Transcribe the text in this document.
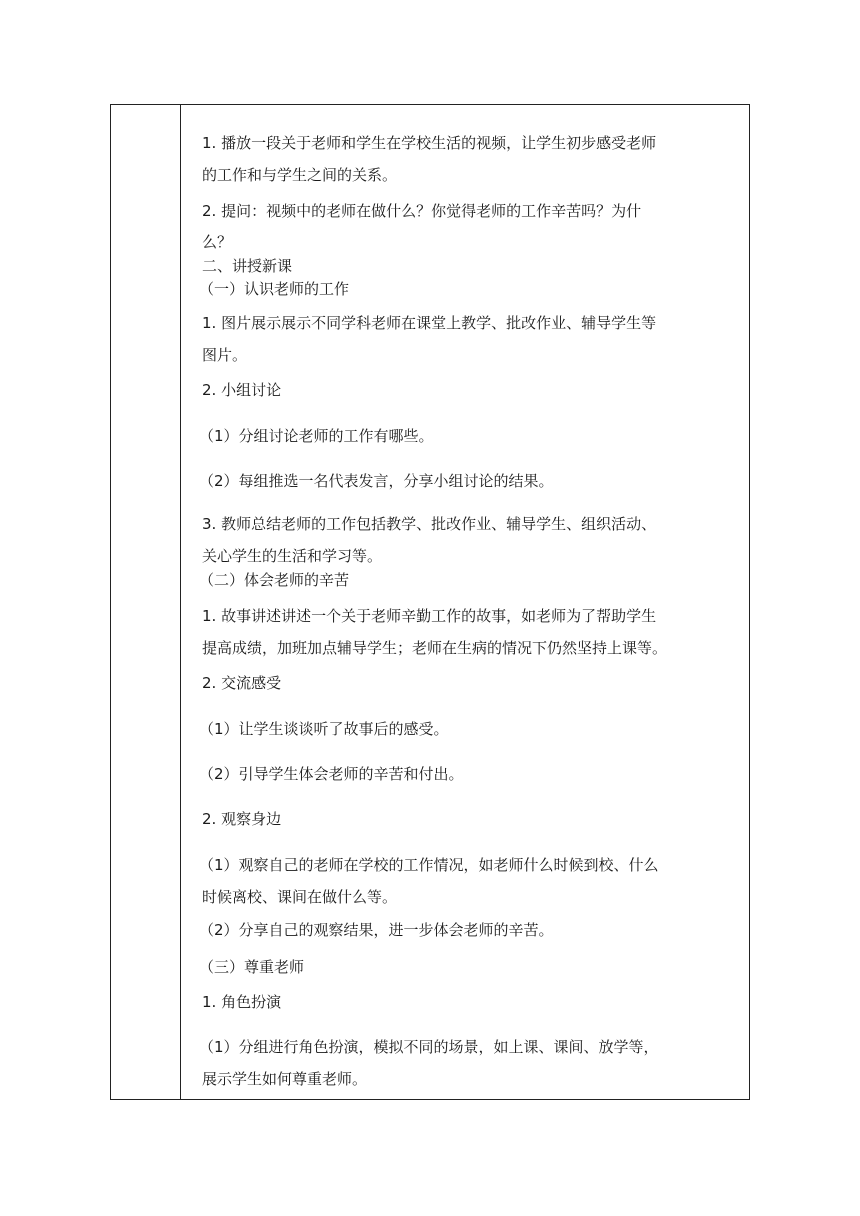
1. 播放一段关于老师和学生在学校生活的视频，让学生初步感受老师
的工作和与学生之间的关系。
2. 提问：视频中的老师在做什么？你觉得老师的工作辛苦吗？为什
么？
二、讲授新课
（一）认识老师的工作
1. 图片展示展示不同学科老师在课堂上教学、批改作业、辅导学生等
图片。
2. 小组讨论
（1）分组讨论老师的工作有哪些。
（2）每组推选一名代表发言，分享小组讨论的结果。
3. 教师总结老师的工作包括教学、批改作业、辅导学生、组织活动、
关心学生的生活和学习等。
（二）体会老师的辛苦
1. 故事讲述讲述一个关于老师辛勤工作的故事，如老师为了帮助学生
提高成绩，加班加点辅导学生；老师在生病的情况下仍然坚持上课等。
2. 交流感受
（1）让学生谈谈听了故事后的感受。
（2）引导学生体会老师的辛苦和付出。
2. 观察身边
（1）观察自己的老师在学校的工作情况，如老师什么时候到校、什么
时候离校、课间在做什么等。
（2）分享自己的观察结果，进一步体会老师的辛苦。
（三）尊重老师
1. 角色扮演
（1）分组进行角色扮演，模拟不同的场景，如上课、课间、放学等，
展示学生如何尊重老师。
